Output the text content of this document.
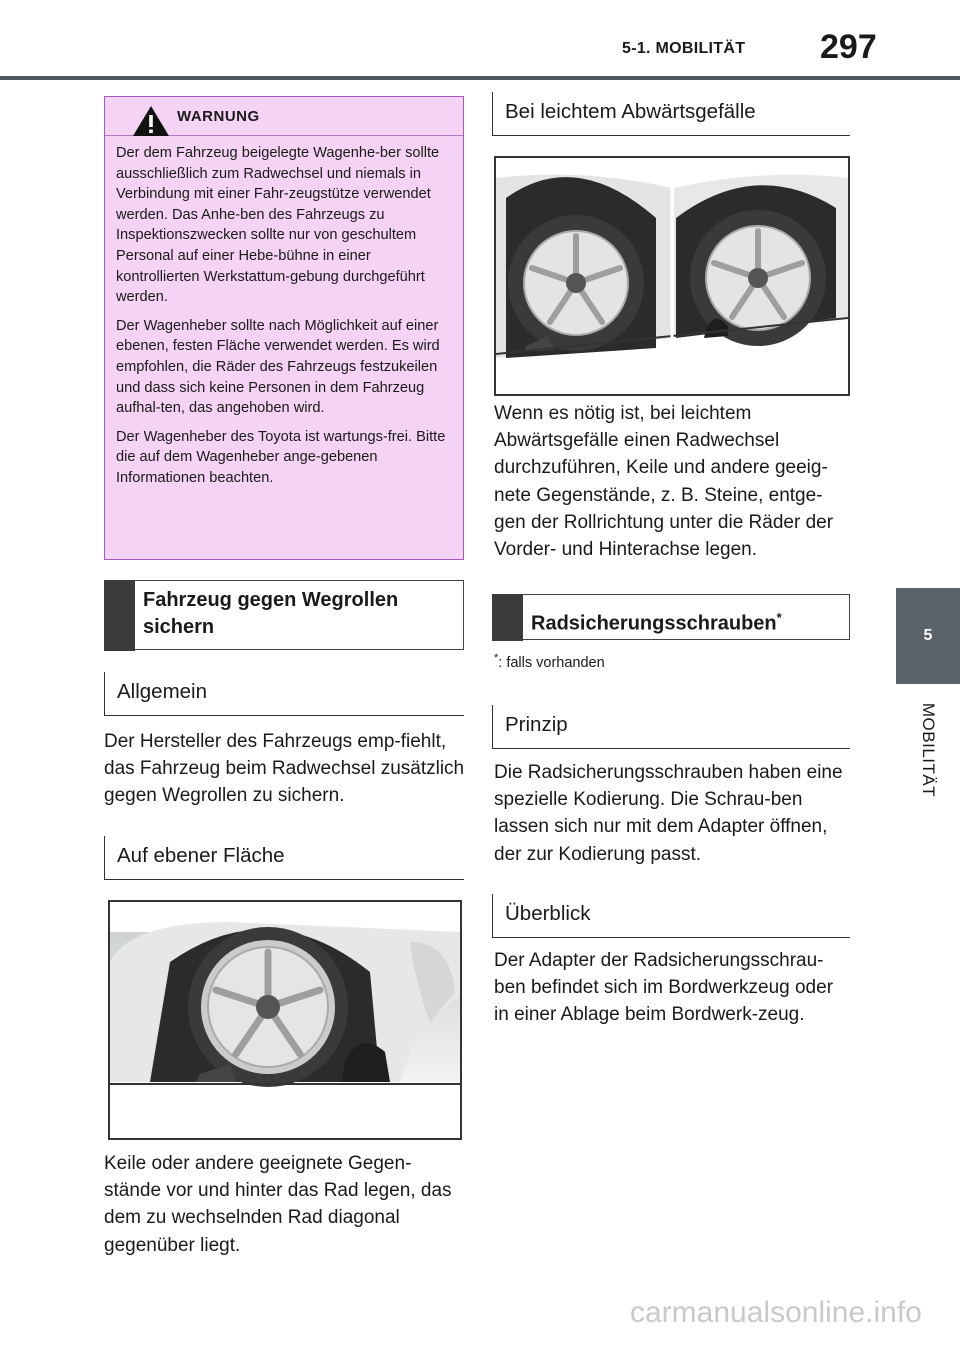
5-1. MOBILITÄT 297
5
MOBILITÄT
WARNUNG

Der dem Fahrzeug beigelegte Wagenhe-ber sollte ausschließlich zum Radwechsel und niemals in Verbindung mit einer Fahr-zeugstütze verwendet werden. Das Anhe-ben des Fahrzeugs zu Inspektionszwecken sollte nur von geschultem Personal auf einer Hebe-bühne in einer kontrollierten Werkstattum-gebung durchgeführt werden.

Der Wagenheber sollte nach Möglichkeit auf einer ebenen, festen Fläche verwendet werden. Es wird empfohlen, die Räder des Fahrzeugs festzukeilen und dass sich keine Personen in dem Fahrzeug aufhal-ten, das angehoben wird.

Der Wagenheber des Toyota ist wartungs-frei. Bitte die auf dem Wagenheber ange-gebenen Informationen beachten.

Fahrzeug gegen Wegrollen sichern
Allgemein
Der Hersteller des Fahrzeugs emp-fiehlt, das Fahrzeug beim Radwechsel zusätzlich gegen Wegrollen zu sichern.
Auf ebener Fläche
Keile oder andere geeignete Gegen-stände vor und hinter das Rad legen, das dem zu wechselnden Rad diagonal gegenüber liegt.
Bei leichtem Abwärtsgefälle
Wenn es nötig ist, bei leichtem Abwärtsgefälle einen Radwechsel durchzuführen, Keile und andere geeig-nete Gegenstände, z. B. Steine, entge-gen der Rollrichtung unter die Räder der Vorder- und Hinterachse legen.
Radsicherungsschrauben*
*: falls vorhanden
Prinzip
Die Radsicherungsschrauben haben eine spezielle Kodierung. Die Schrau-ben lassen sich nur mit dem Adapter öffnen, der zur Kodierung passt.
Überblick
Der Adapter der Radsicherungsschrau-ben befindet sich im Bordwerkzeug oder in einer Ablage beim Bordwerk-zeug.
carmanualsonline.info
